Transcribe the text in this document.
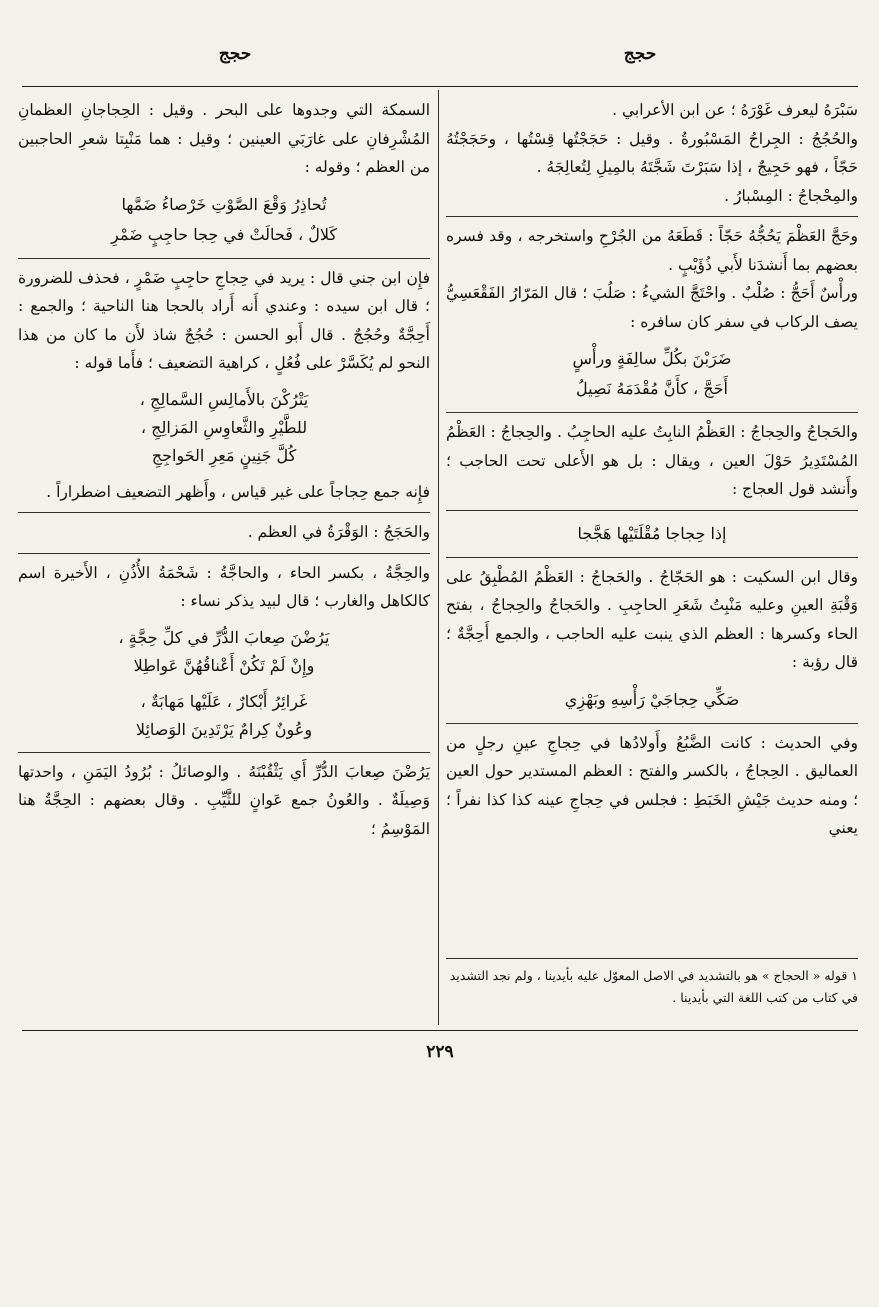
حجج
حجج

سَبْرَهُ ليعرف غَوْرَهُ ؛ عن ابن الأعرابي .

والحُجُجُ : الجِراحُ المَسْبُورةُ . وقيل : حَجَجْتُها قِسْتُها ، وحَجَجْتُهُ حَجّاً ، فهو حَجِيجٌ ، إذا سَبَرْتَ شَجَّتَهُ بالمِيلِ لِتُعالِجَهُ .

والمِحْجاجُ : المِسْبارُ .

وحَجَّ العَظْمَ يَحُجُّهُ حَجّاً : قَطَعَهُ من الجُرْحِ واستخرجه ، وقد فسره بعضهم بما أَنشدَنا لأَبي ذُؤَيْبٍ .

ورأْسٌ أَحَجُّ : صُلْبٌ . واحْتَجَّ الشيءُ : صَلُبَ ؛ قال المَرّارُ الفَقْعَسِيُّ يصف الركاب في سفر كان سافره :

ضَرَبْنَ بكُلِّ سالِفَةٍ ورأْسٍ
أَحَجَّ ، كأَنَّ مُقْدَمَهُ نَصِيلُ

والحَجاجُ والحِجاجُ : العَظْمُ النابِتُ عليه الحاجِبُ . والحِجاجُ : العَظْمُ المُسْتَدِيرُ حَوْلَ العين ، ويقال : بل هو الأَعلى تحت الحاجب ؛ وأَنشد قول العجاج :

إذا حِجاجا مُقْلَتَيْها هَجَّجا

وقال ابن السكيت : هو الحَجّاجُ . والحَجاجُ : العَظْمُ المُطْبِقُ على وَقْبَةِ العينِ وعليه مَنْبِتُ شَعَرِ الحاجِبِ . والحَجاجُ والحِجاجُ ، بفتح الحاء وكسرها : العظم الذي ينبت عليه الحاجب ، والجمع أَحِجَّةٌ ؛ قال رؤبة :

صَكِّي حِجاجَيْ رَأْسِهِ وبَهْزِي

وفي الحديث : كانت الضَّبُعُ وأَولادُها في حِجاجِ عينِ رجلٍ من العماليق . الحِجاجُ ، بالكسر والفتح : العظم المستدير حول العين ؛ ومنه حديث جَيْشِ الخَبَطِ : فجلس في حِجاجِ عينه كذا كذا نفراً ؛ يعني

١ قوله « الحجاج » هو بالتشديد في الاصل المعوّل عليه بأيدينا ، ولم نجد التشديد في كتاب من كتب اللغة التي بأيدينا .

السمكة التي وجدوها على البحر . وقيل : الحِجاجانِ العظمانِ المُشْرِفانِ على غارَبَي العينين ؛ وقيل : هما مَنْبِتا شعرِ الحاجبين من العظم ؛ وقوله :

تُحاذِرُ وَقْعَ الصَّوْتِ خَرْصاءُ ضَمَّها
كَلالٌ ، فَحالَتْ في حِجا حاجِبٍ ضَمْرِ

فإِن ابن جني قال : يريد في حِجاجِ حاجِبٍ ضَمْرٍ ، فحذف للضرورة ؛ قال ابن سيده : وعندي أَنه أَراد بالحجا هنا الناحية ؛ والجمع : أَحِجَّةٌ وحُجُجٌ . قال أَبو الحسن : حُجُجٌ شاذ لأَن ما كان من هذا النحو لم يُكَسَّرْ على فُعُلٍ ، كراهية التضعيف ؛ فأَما قوله :

يَتْرُكْنَ بالأَمالِسِ السَّمالِجِ ،
للطَّيْرِ والثَّعاوِسِ المَزالِجِ ،
كُلَّ جَنِينٍ مَعِرِ الحَواجِجِ

فإِنه جمع حِجاجاً على غير قياس ، وأَظهر التضعيف اضطراراً .

والحَجَجُ : الوَقْرَةُ في العظم .

والحِجَّةُ ، بكسر الحاء ، والحاجَّةُ : شَحْمَةُ الأُذُنِ ، الأَخيرة اسم كالكاهل والغارب ؛ قال لبيد يذكر نساء :

يَرُضْنَ صِعابَ الدُّرِّ في كلِّ حِجَّةٍ ،
وإِنْ لَمْ تَكُنْ أَعْناقُهُنَّ عَواطِلا
غَرائِرُ أَبْكارٌ ، عَلَيْها مَهابَةٌ ،
وعُونٌ كِرامٌ يَرْتَدِينَ الوَصائِلا

يَرُضْنَ صِعابَ الدُّرِّ أَي يَثْقُبْنَهُ . والوصائلُ : بُرُودُ اليَمَنِ ، واحدتها وَصِيلَةٌ . والعُونُ جمع عَوانٍ للثَّيِّبِ . وقال بعضهم : الحِجَّةُ هنا المَوْسِمُ ؛

٢٢٩
